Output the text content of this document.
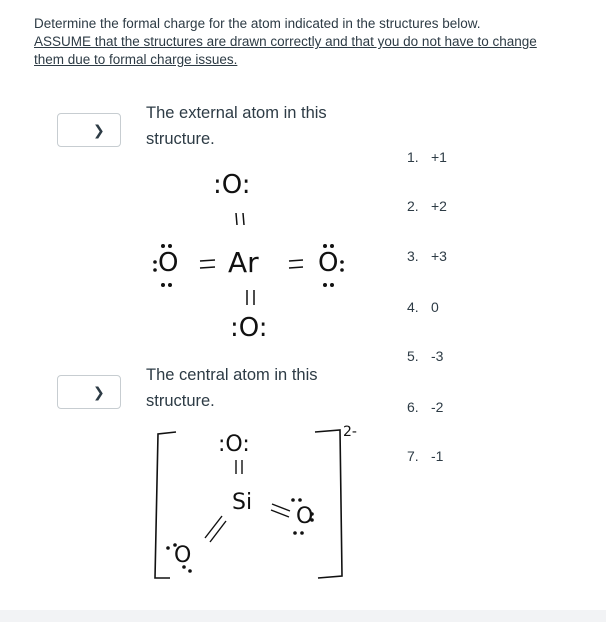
Determine the formal charge for the atom indicated in the structures below.
ASSUME that the structures are drawn correctly and that you do not have to change
them due to formal charge issues.
❯
The external atom in this
structure.
:O:
O Ar O
:O:
❯
The central atom in this
structure.
:O:
Si
O
O
2-
1. +1
2. +2
3. +3
4. 0
5. -3
6. -2
7. -1
